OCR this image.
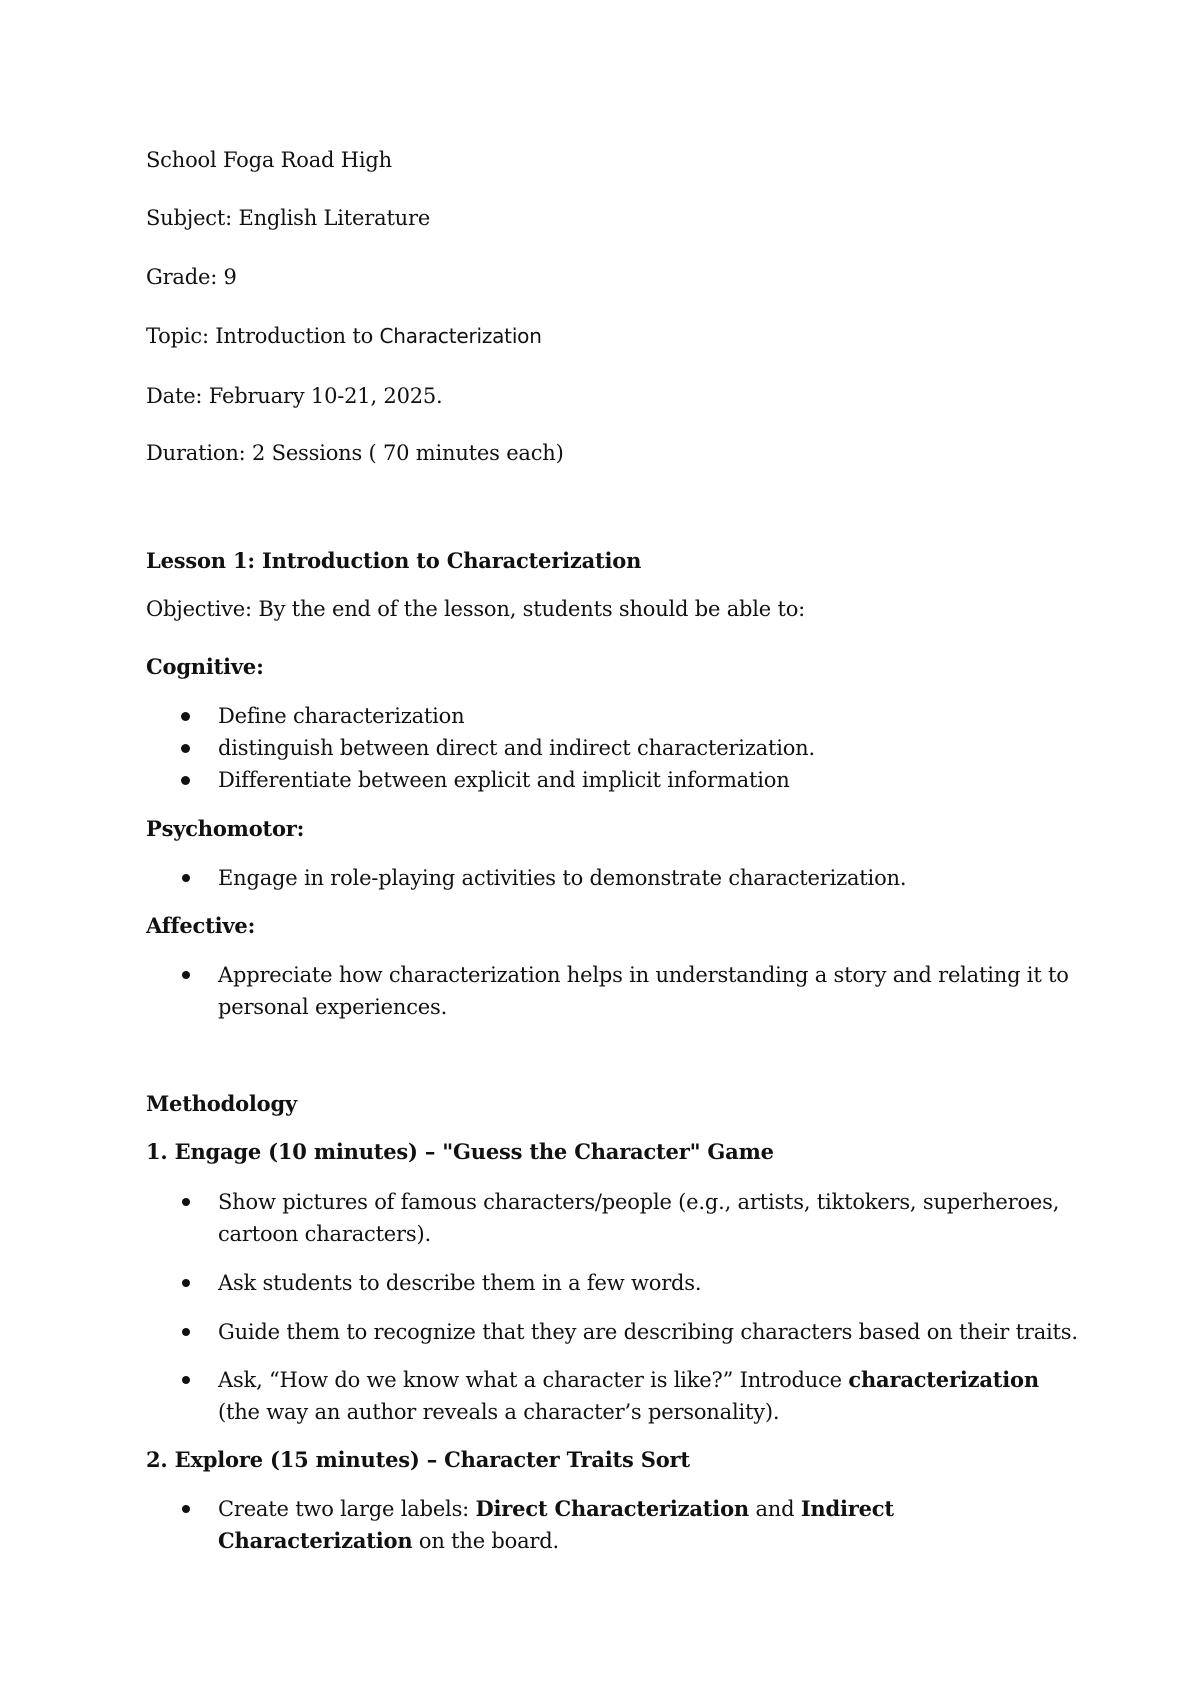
School Foga Road High
Subject: English Literature
Grade: 9
Topic: Introduction to Characterization
Date: February 10-21, 2025.
Duration: 2 Sessions ( 70 minutes each)
Lesson 1: Introduction to Characterization
Objective: By the end of the lesson, students should be able to:
Cognitive:
Define characterization
distinguish between direct and indirect characterization.
Differentiate between explicit and implicit information
Psychomotor:
Engage in role-playing activities to demonstrate characterization.
Affective:
Appreciate how characterization helps in understanding a story and relating it to personal experiences.
Methodology
1. Engage (10 minutes) – "Guess the Character" Game
Show pictures of famous characters/people (e.g., artists, tiktokers, superheroes, cartoon characters).
Ask students to describe them in a few words.
Guide them to recognize that they are describing characters based on their traits.
Ask, “How do we know what a character is like?” Introduce characterization (the way an author reveals a character’s personality).
2. Explore (15 minutes) – Character Traits Sort
Create two large labels: Direct Characterization and Indirect Characterization on the board.
